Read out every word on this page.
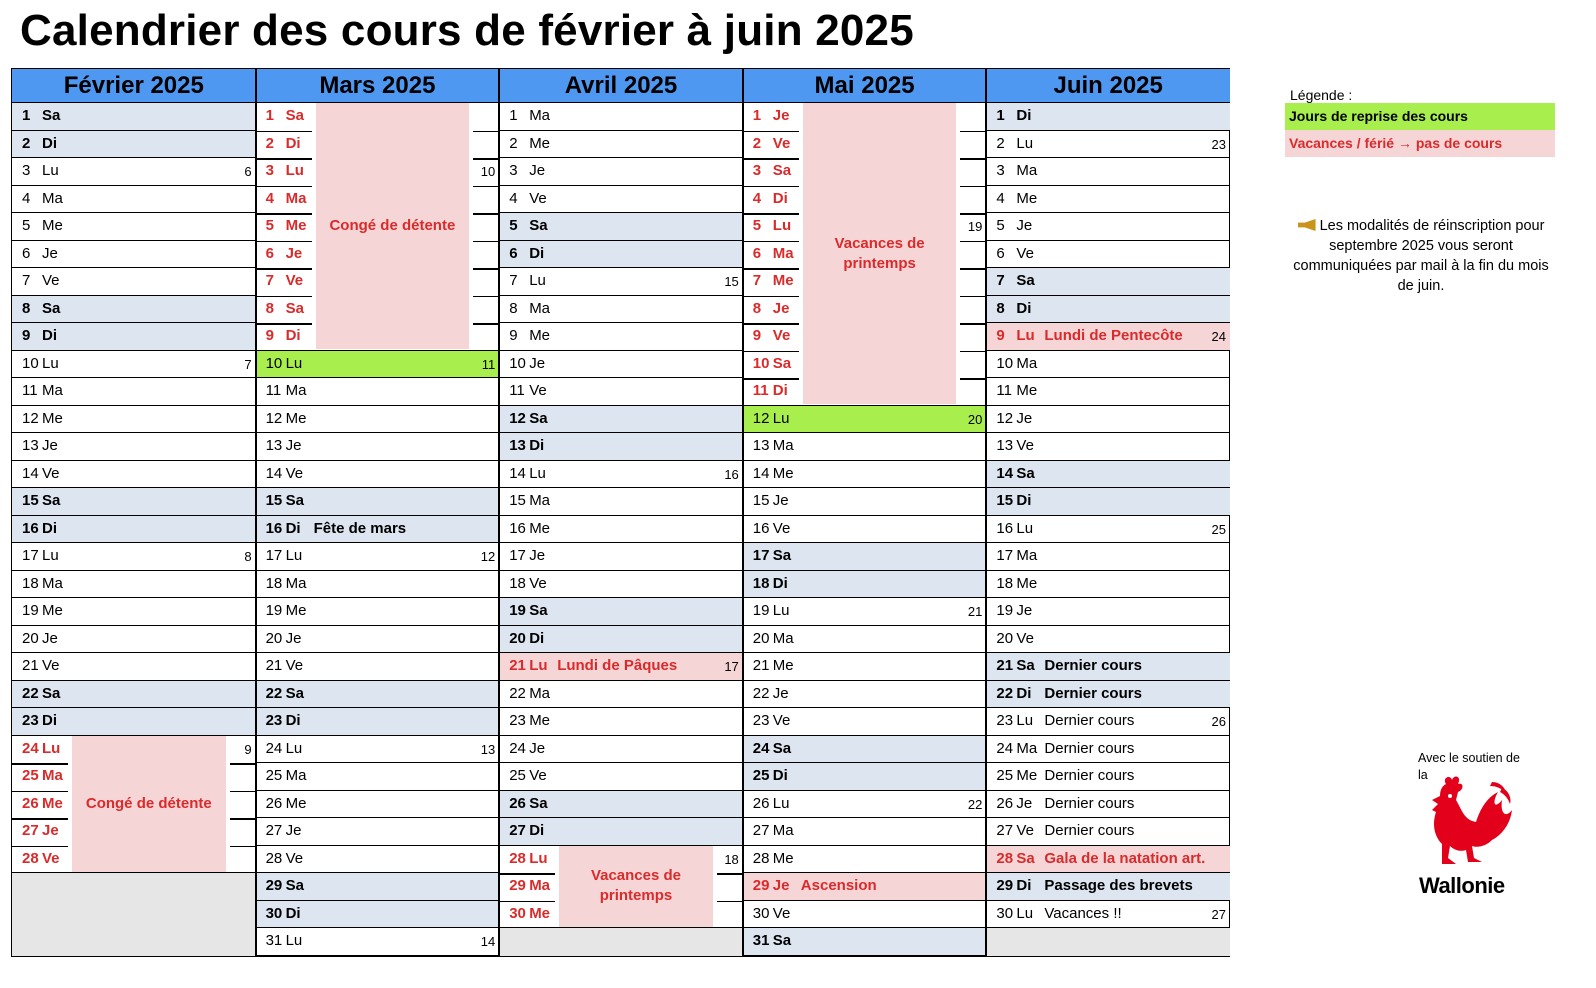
Calendrier des cours de février à juin 2025
Février 2025
1 Sa
2 Di
3 Lu	6
4 Ma
5 Me
6 Je
7 Ve
8 Sa
9 Di
10 Lu	7
11 Ma
12 Me
13 Je
14 Ve
15 Sa
16 Di
17 Lu	8
18 Ma
19 Me
20 Je
21 Ve
22 Sa
23 Di
24 Lu	9
25 Ma
26 Me
27 Je
28 Ve
Congé de détente
Mars 2025
1 Sa
2 Di
3 Lu	10
4 Ma
5 Me
6 Je
7 Ve
8 Sa
9 Di
10 Lu	11
11 Ma
12 Me
13 Je
14 Ve
15 Sa
16 Di Fête de mars
17 Lu	12
18 Ma
19 Me
20 Je
21 Ve
22 Sa
23 Di
24 Lu	13
25 Ma
26 Me
27 Je
28 Ve
29 Sa
30 Di
31 Lu	14
Congé de détente
Avril 2025
1 Ma
2 Me
3 Je
4 Ve
5 Sa
6 Di
7 Lu	15
8 Ma
9 Me
10 Je
11 Ve
12 Sa
13 Di
14 Lu	16
15 Ma
16 Me
17 Je
18 Ve
19 Sa
20 Di
21 Lu Lundi de Pâques	17
22 Ma
23 Me
24 Je
25 Ve
26 Sa
27 Di
28 Lu	18
29 Ma
30 Me
Vacances de printemps
Mai 2025
1 Je
2 Ve
3 Sa
4 Di
5 Lu	19
6 Ma
7 Me
8 Je
9 Ve
10 Sa
11 Di
12 Lu	20
13 Ma
14 Me
15 Je
16 Ve
17 Sa
18 Di
19 Lu	21
20 Ma
21 Me
22 Je
23 Ve
24 Sa
25 Di
26 Lu	22
27 Ma
28 Me
29 Je Ascension
30 Ve
31 Sa
Vacances de printemps
Juin 2025
1 Di
2 Lu	23
3 Ma
4 Me
5 Je
6 Ve
7 Sa
8 Di
9 Lu Lundi de Pentecôte 24
10 Ma
11 Me
12 Je
13 Ve
14 Sa
15 Di
16 Lu	25
17 Ma
18 Me
19 Je
20 Ve
21 Sa Dernier cours
22 Di Dernier cours
23 Lu Dernier cours	26
24 Ma Dernier cours
25 Me Dernier cours
26 Je Dernier cours
27 Ve Dernier cours
28 Sa Gala de la natation art.
29 Di Passage des brevets
30 Lu Vacances !!	27
Légende :
Jours de reprise des cours
Vacances / férié → pas de cours
Les modalités de réinscription pour septembre 2025 vous seront communiquées par mail à la fin du mois de juin.
Avec le soutien de la
Wallonie
